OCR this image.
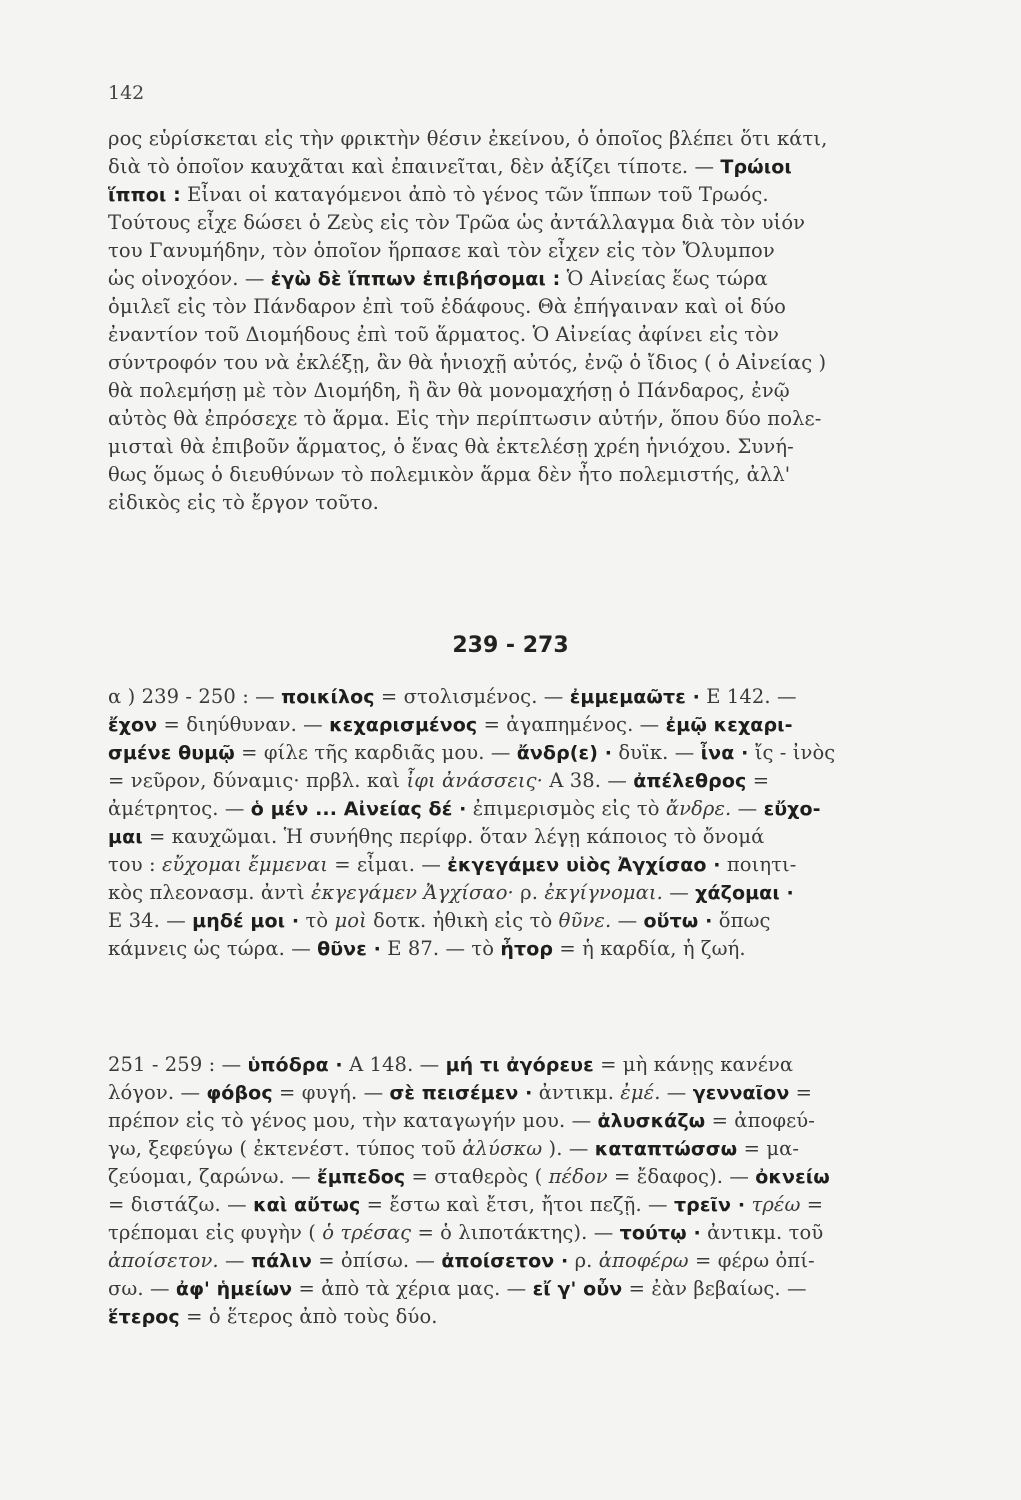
142
ρος εὑρίσκεται εἰς τὴν φρικτὴν θέσιν ἐκείνου, ὁ ὁποῖος βλέπει ὅτι κάτι,
διὰ τὸ ὁποῖον καυχᾶται καὶ ἐπαινεῖται, δὲν ἀξίζει τίποτε. — Τρώιοι
ἵπποι : Εἶναι οἱ καταγόμενοι ἀπὸ τὸ γένος τῶν ἵππων τοῦ Τρωός.
Τούτους εἶχε δώσει ὁ Ζεὺς εἰς τὸν Τρῶα ὡς ἀντάλλαγμα διὰ τὸν υἱόν
του Γανυμήδην, τὸν ὁποῖον ἥρπασε καὶ τὸν εἶχεν εἰς τὸν Ὄλυμπον
ὡς οἰνοχόον. — ἐγὼ δὲ ἵππων ἐπιβήσομαι : Ὁ Αἰνείας ἕως τώρα
ὁμιλεῖ εἰς τὸν Πάνδαρον ἐπὶ τοῦ ἐδάφους. Θὰ ἐπήγαιναν καὶ οἱ δύο
ἐναντίον τοῦ Διομήδους ἐπὶ τοῦ ἅρματος. Ὁ Αἰνείας ἀφίνει εἰς τὸν
σύντροφόν του νὰ ἐκλέξῃ, ἂν θὰ ἡνιοχῇ αὐτός, ἐνῷ ὁ ἴδιος ( ὁ Αἰνείας )
θὰ πολεμήσῃ μὲ τὸν Διομήδη, ἢ ἂν θὰ μονομαχήσῃ ὁ Πάνδαρος, ἐνῷ
αὐτὸς θὰ ἐπρόσεχε τὸ ἅρμα. Εἰς τὴν περίπτωσιν αὐτήν, ὅπου δύο πολε-
μισταὶ θὰ ἐπιβοῦν ἅρματος, ὁ ἕνας θὰ ἐκτελέσῃ χρέη ἡνιόχου. Συνή-
θως ὅμως ὁ διευθύνων τὸ πολεμικὸν ἅρμα δὲν ἦτο πολεμιστής, ἀλλ'
εἰδικὸς εἰς τὸ ἔργον τοῦτο.
239 - 273
α ) 239 - 250 : — ποικίλος = στολισμένος. — ἐμμεμαῶτε · Ε 142. —
ἔχον = διηύθυναν. — κεχαρισμένος = ἀγαπημένος. — ἐμῷ κεχαρι-
σμένε θυμῷ = φίλε τῆς καρδιᾶς μου. — ἄνδρ(ε) · δυϊκ. — ἶνα · ἴς - ἰνὸς
= νεῦρον, δύναμις· πρβλ. καὶ ἶφι ἀνάσσεις· Α 38. — ἀπέλεθρος =
ἀμέτρητος. — ὁ μέν ... Αἰνείας δέ · ἐπιμερισμὸς εἰς τὸ ἄνδρε. — εὔχο-
μαι = καυχῶμαι. Ἡ συνήθης περίφρ. ὅταν λέγῃ κάποιος τὸ ὄνομά
του : εὔχομαι ἔμμεναι = εἶμαι. — ἐκγεγάμεν υἱὸς Ἀγχίσαο · ποιητι-
κὸς πλεονασμ. ἀντὶ ἐκγεγάμεν Ἀγχίσαο· ρ. ἐκγίγνομαι. — χάζομαι ·
Ε 34. — μηδέ μοι · τὸ μοὶ δοτκ. ἠθικὴ εἰς τὸ θῦνε. — οὕτω · ὅπως
κάμνεις ὡς τώρα. — θῦνε · Ε 87. — τὸ ἦτορ = ἡ καρδία, ἡ ζωή.
251 - 259 : — ὑπόδρα · Α 148. — μή τι ἀγόρευε = μὴ κάνῃς κανένα
λόγον. — φόβος = φυγή. — σὲ πεισέμεν · ἀντικμ. ἐμέ. — γενναῖον =
πρέπον εἰς τὸ γένος μου, τὴν καταγωγήν μου. — ἀλυσκάζω = ἀποφεύ-
γω, ξεφεύγω ( ἐκτενέστ. τύπος τοῦ ἀλύσκω ). — καταπτώσσω = μα-
ζεύομαι, ζαρώνω. — ἔμπεδος = σταθερὸς ( πέδον = ἔδαφος). — ὀκνείω
= διστάζω. — καὶ αὔτως = ἔστω καὶ ἔτσι, ἤτοι πεζῇ. — τρεῖν · τρέω =
τρέπομαι εἰς φυγὴν ( ὁ τρέσας = ὁ λιποτάκτης). — τούτῳ · ἀντικμ. τοῦ
ἀποίσετον. — πάλιν = ὀπίσω. — ἀποίσετον · ρ. ἀποφέρω = φέρω ὀπί-
σω. — ἀφ' ἡμείων = ἀπὸ τὰ χέρια μας. — εἴ γ' οὖν = ἐὰν βεβαίως. —
ἕτερος = ὁ ἕτερος ἀπὸ τοὺς δύο.
